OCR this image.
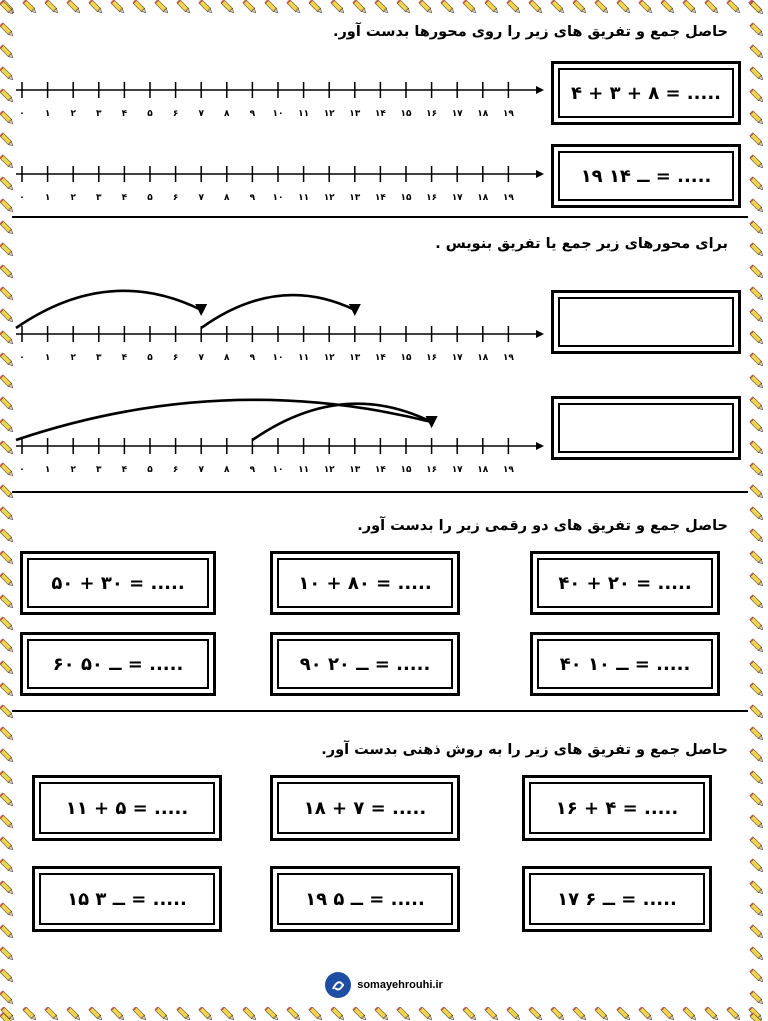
حاصل جمع و تفریق های زیر را روی محورها بدست آور.
۰ ۱ ۲ ۳ ۴ ۵ ۶ ۷ ۸ ۹ ۱۰ ۱۱ ۱۲ ۱۳ ۱۴ ۱۵ ۱۶ ۱۷ ۱۸ ۱۹
۴ + ۳ + ۸ = .....
۰ ۱ ۲ ۳ ۴ ۵ ۶ ۷ ۸ ۹ ۱۰ ۱۱ ۱۲ ۱۳ ۱۴ ۱۵ ۱۶ ۱۷ ۱۸ ۱۹
۱۹ ــ ۱۴ = .....
برای محورهای زیر جمع یا تفریق بنویس .
۰ ۱ ۲ ۳ ۴ ۵ ۶ ۷ ۸ ۹ ۱۰ ۱۱ ۱۲ ۱۳ ۱۴ ۱۵ ۱۶ ۱۷ ۱۸ ۱۹
۰ ۱ ۲ ۳ ۴ ۵ ۶ ۷ ۸ ۹ ۱۰ ۱۱ ۱۲ ۱۳ ۱۴ ۱۵ ۱۶ ۱۷ ۱۸ ۱۹
حاصل جمع و تفریق های دو رقمی زیر را بدست آور.
۵۰ + ۳۰ = .....	۱۰ + ۸۰ = .....	۴۰ + ۲۰ = .....
۶۰ ــ ۵۰ = .....	۹۰ ــ ۲۰ = .....	۴۰ ــ ۱۰ = .....
حاصل جمع و تفریق های زیر را به روش ذهنی بدست آور.
۱۱ + ۵ = .....	۱۸ + ۷ = .....	۱۶ + ۴ = .....
۱۵ ــ ۳ = .....	۱۹ ــ ۵ = .....	۱۷ ــ ۶ = .....
somayehrouhi.ir
